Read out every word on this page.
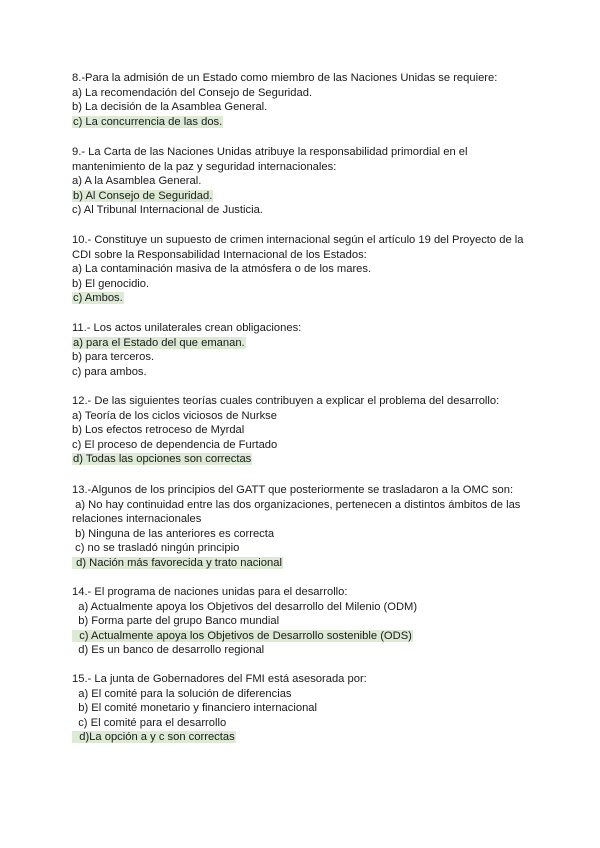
8.-Para la admisión de un Estado como miembro de las Naciones Unidas se requiere:
a) La recomendación del Consejo de Seguridad.
b) La decisión de la Asamblea General.
c) La concurrencia de las dos.
9.- La Carta de las Naciones Unidas atribuye la responsabilidad primordial en el
mantenimiento de la paz y seguridad internacionales:
a) A la Asamblea General.
b) Al Consejo de Seguridad.
c) Al Tribunal Internacional de Justicia.
10.- Constituye un supuesto de crimen internacional según el artículo 19 del Proyecto de la
CDI sobre la Responsabilidad Internacional de los Estados:
a) La contaminación masiva de la atmósfera o de los mares.
b) El genocidio.
c) Ambos.
11.- Los actos unilaterales crean obligaciones:
a) para el Estado del que emanan.
b) para terceros.
c) para ambos.
12.- De las siguientes teorías cuales contribuyen a explicar el problema del desarrollo:
a) Teoría de los ciclos viciosos de Nurkse
b) Los efectos retroceso de Myrdal
c) El proceso de dependencia de Furtado
d) Todas las opciones son correctas
13.-Algunos de los principios del GATT que posteriormente se trasladaron a la OMC son:
a) No hay continuidad entre las dos organizaciones, pertenecen a distintos ámbitos de las
relaciones internacionales
b) Ninguna de las anteriores es correcta
c) no se trasladó ningún principio
d) Nación más favorecida y trato nacional
14.- El programa de naciones unidas para el desarrollo:
a) Actualmente apoya los Objetivos del desarrollo del Milenio (ODM)
b) Forma parte del grupo Banco mundial
c) Actualmente apoya los Objetivos de Desarrollo sostenible (ODS)
d) Es un banco de desarrollo regional
15.- La junta de Gobernadores del FMI está asesorada por:
a) El comité para la solución de diferencias
b) El comité monetario y financiero internacional
c) El comité para el desarrollo
d)La opción a y c son correctas
